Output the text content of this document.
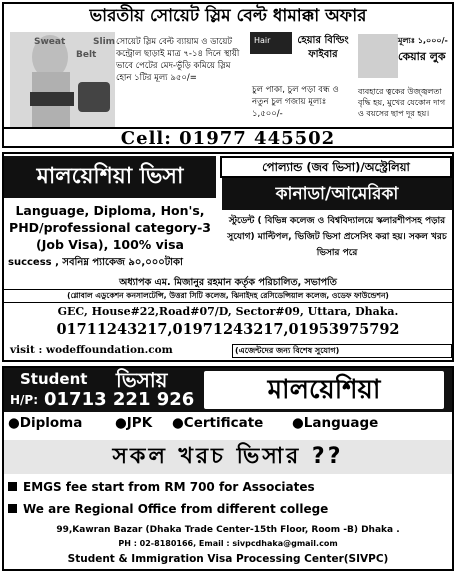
ভারতীয় সোয়েট স্লিম বেল্ট ধামাক্কা অফার
Sweat	Slim
Belt
সোয়েট স্লিম বেল্ট ব্যায়াম ও ডায়েট কন্ট্রোল ছাড়াই মাত্র ৭-১৪ দিনে স্থায়ী ভাবে পেটের মেদ-ভুঁড়ি কমিয়ে স্লিম হোন ১টির মূল্য ৯৫০/=
Hair	হেয়ার বিল্ডিং ফাইবার
চুল পাকা, চুল পড়া বন্ধ ও নতুন চুল গজায় মূল্যঃ ১,৫০০/-
মূল্যঃ ১,০০০/-
কেয়ার লুক
ব্যবহারে ত্বকের উজ্জ্বলতা বৃদ্ধি হয়, মুখের যেকোন দাগ ও বয়সের ছাপ দূর হয়।
Cell: 01977 445502
মালয়েশিয়া ভিসা
Language, Diploma, Hon's,
PHD/professional category-3
(Job Visa), 100% visa
success , সবনিম্ন প্যাকেজ ৯০,০০০টাকা
পোল্যান্ড (জব ভিসা)/অস্ট্রেলিয়া
কানাডা/আমেরিকা
স্টুডেন্ট ( বিভিন্ন কলেজ ও বিশ্ববিদ্যালয়ে স্কলারশীপসহ পড়ার সুযোগ) মাল্টিপল, ভিজিট ভিসা প্রসেসিং করা হয়। সকল খরচ ভিসার পরে
অধ্যাপক এম. মিজানুর রহমান কর্তৃক পরিচালিত, সভাপতি
(গ্লোবাল এডুকেশন কনসালটেন্সি, উত্তরা সিটি কলেজ, ঝিনাইদহ রেসিডেন্সিয়াল কলেজ, ওডেফ ফাউন্ডেশন)
GEC, House#22,Road#07/D, Sector#09, Uttara, Dhaka.
01711243217,01971243217,01953975792
visit : wodeffoundation.com	(এজেন্টদের জন্য বিশেষ সুযোগ)
Student ভিসায়
H/P: 01713 221 926	মালয়েশিয়া
●Diploma ●JPK ●Certificate ●Language
সকল খরচ ভিসার ??
EMGS fee start from RM 700 for Associates
We are Regional Office from different college
99,Kawran Bazar (Dhaka Trade Center-15th Floor, Room -B) Dhaka .
PH : 02-8180166, Email : sivpcdhaka@gmail.com
Student & Immigration Visa Processing Center(SIVPC)
